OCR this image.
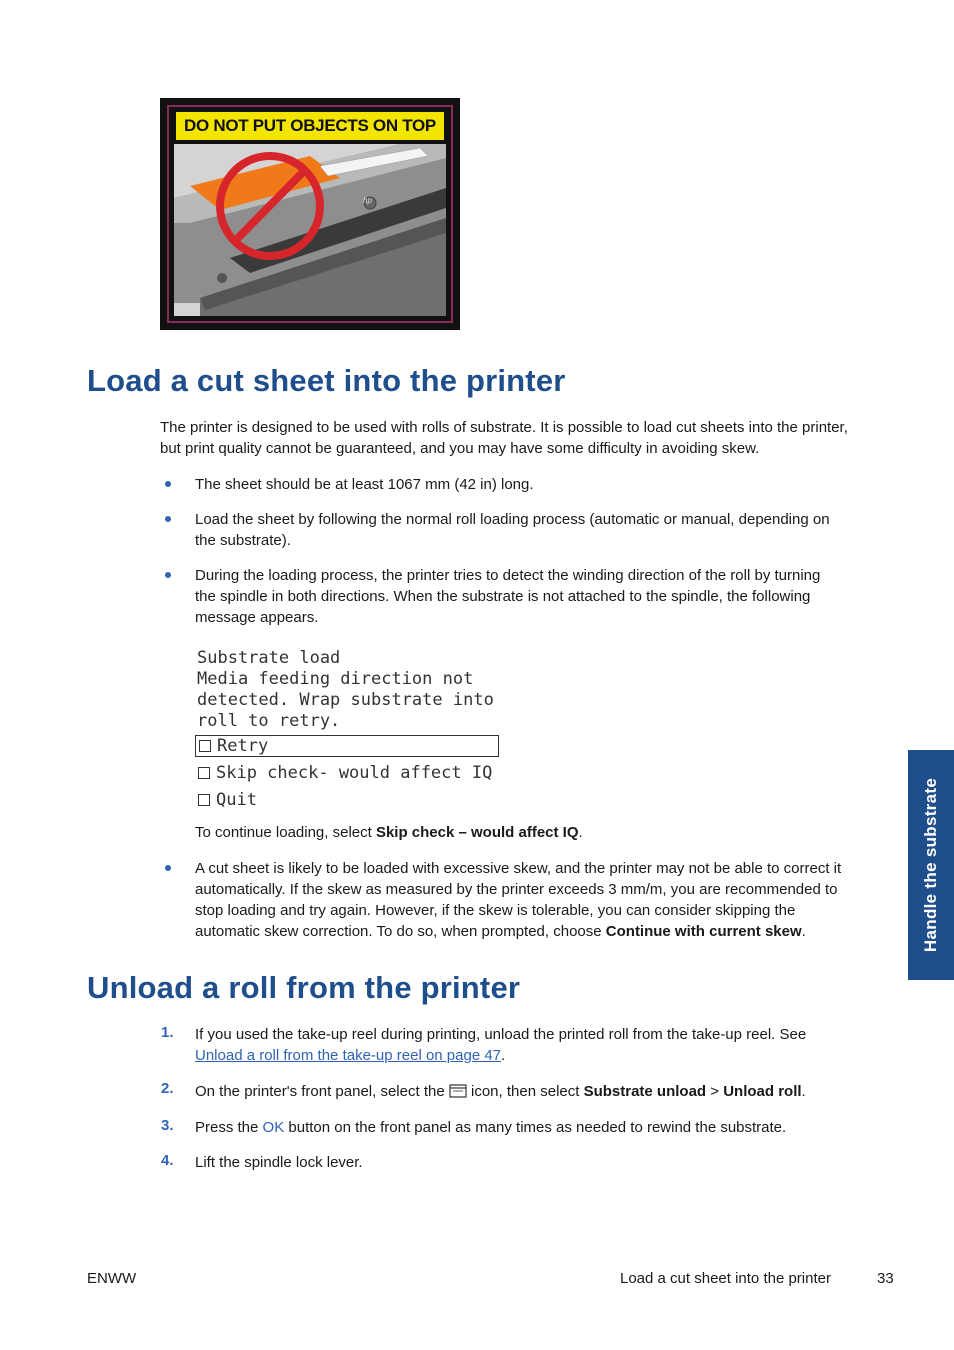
DO NOT PUT OBJECTS ON TOP
hp
Load a cut sheet into the printer

The printer is designed to be used with rolls of substrate. It is possible to load cut sheets into the printer,

but print quality cannot be guaranteed, and you may have some difficulty in avoiding skew.

The sheet should be at least 1067 mm (42 in) long.

Load the sheet by following the normal roll loading process (automatic or manual, depending on

the substrate).

During the loading process, the printer tries to detect the winding direction of the roll by turning

the spindle in both directions. When the substrate is not attached to the spindle, the following

message appears.

Substrate load
Media feeding direction not
detected. Wrap substrate into
roll to retry.
Retry
Skip check- would affect IQ
Quit
To continue loading, select Skip check – would affect IQ.

A cut sheet is likely to be loaded with excessive skew, and the printer may not be able to correct it

automatically. If the skew as measured by the printer exceeds 3 mm/m, you are recommended to

stop loading and try again. However, if the skew is tolerable, you can consider skipping the

automatic skew correction. To do so, when prompted, choose Continue with current skew.

Unload a roll from the printer
1. If you used the take-up reel during printing, unload the printed roll from the take-up reel. See

Unload a roll from the take-up reel on page 47.

2. On the printer's front panel, select the  icon, then select Substrate unload > Unload roll.
3. Press the OK button on the front panel as many times as needed to rewind the substrate.
4. Lift the spindle lock lever.
Handle the substrate
ENWW	Load a cut sheet into the printer	33
